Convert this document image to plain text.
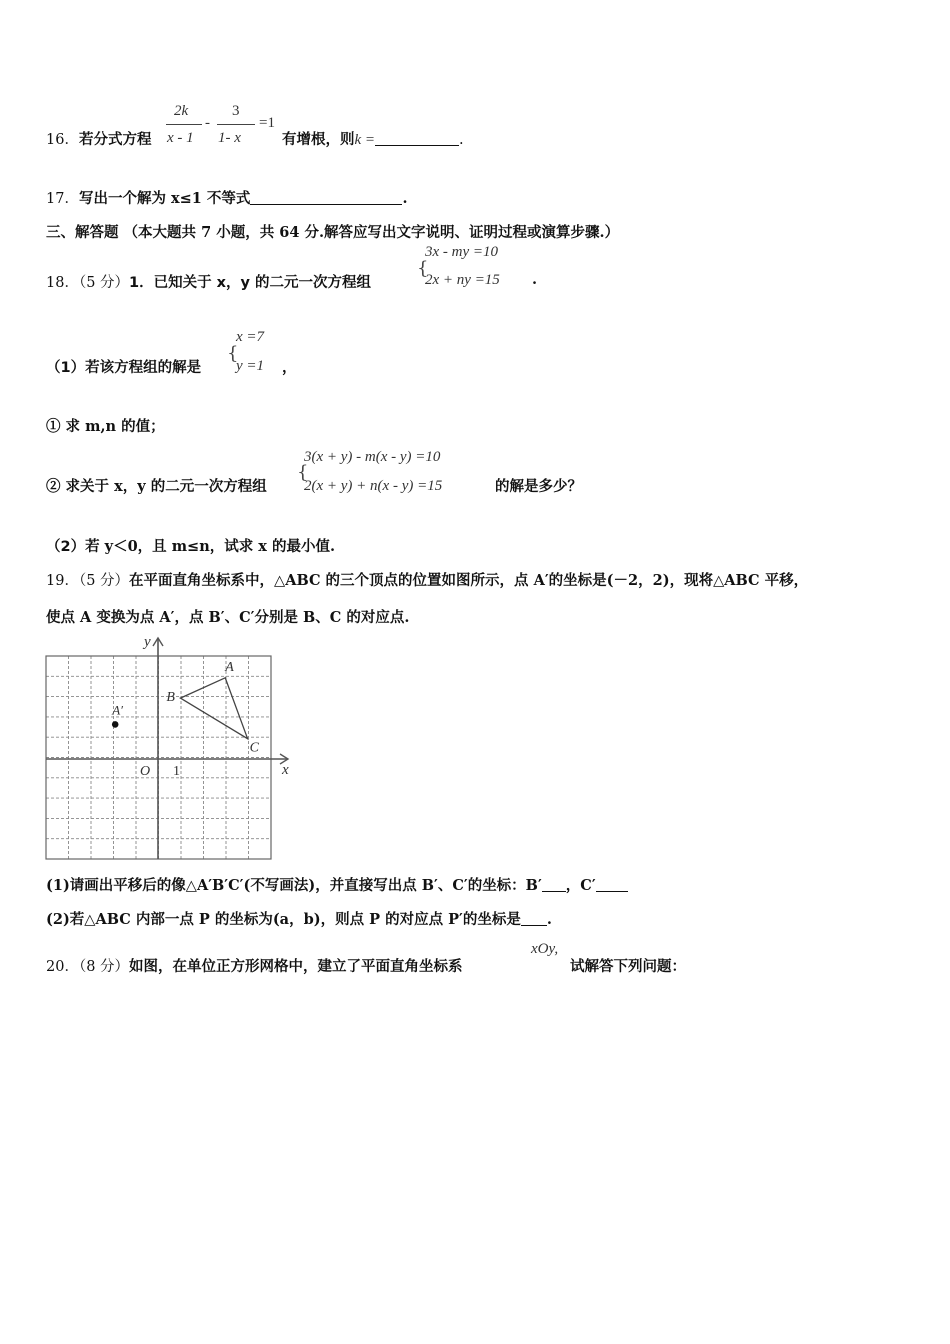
16．若分式方程
2k
x - 1
-
3
1- x
=1
有增根，则k =	.
17．写出一个解为 x≤1 不等式	.
三、解答题 （本大题共 7 小题，共 64 分.解答应写出文字说明、证明过程或演算步骤.）
18．（5 分）1．已知关于 x，y 的二元一次方程组
{
3x - my =10
2x + ny =15 .
（1）若该方程组的解是
{
x =7
y =1 ，
① 求 m,n 的值；
② 求关于 x，y 的二元一次方程组
{
3(x + y) - m(x - y) =10
2(x + y) + n(x - y) =15	的解是多少？
（2）若 y＜0，且 m≤n，试求 x 的最小值.
19．（5 分）在平面直角坐标系中，△ABC 的三个顶点的位置如图所示，点 A′的坐标是(－2，2)，现将△ABC 平移，
使点 A 变换为点 A′，点 B′、C′分别是 B、C 的对应点.
y
x
O 1
A
B
C
A′
(1)请画出平移后的像△A′B′C′(不写画法)，并直接写出点 B′、C′的坐标：B′ ，C′
(2)若△ABC 内部一点 P 的坐标为(a，b)，则点 P 的对应点 P′的坐标是 .
20．（8 分）如图，在单位正方形网格中，建立了平面直角坐标系
xOy,
试解答下列问题：
